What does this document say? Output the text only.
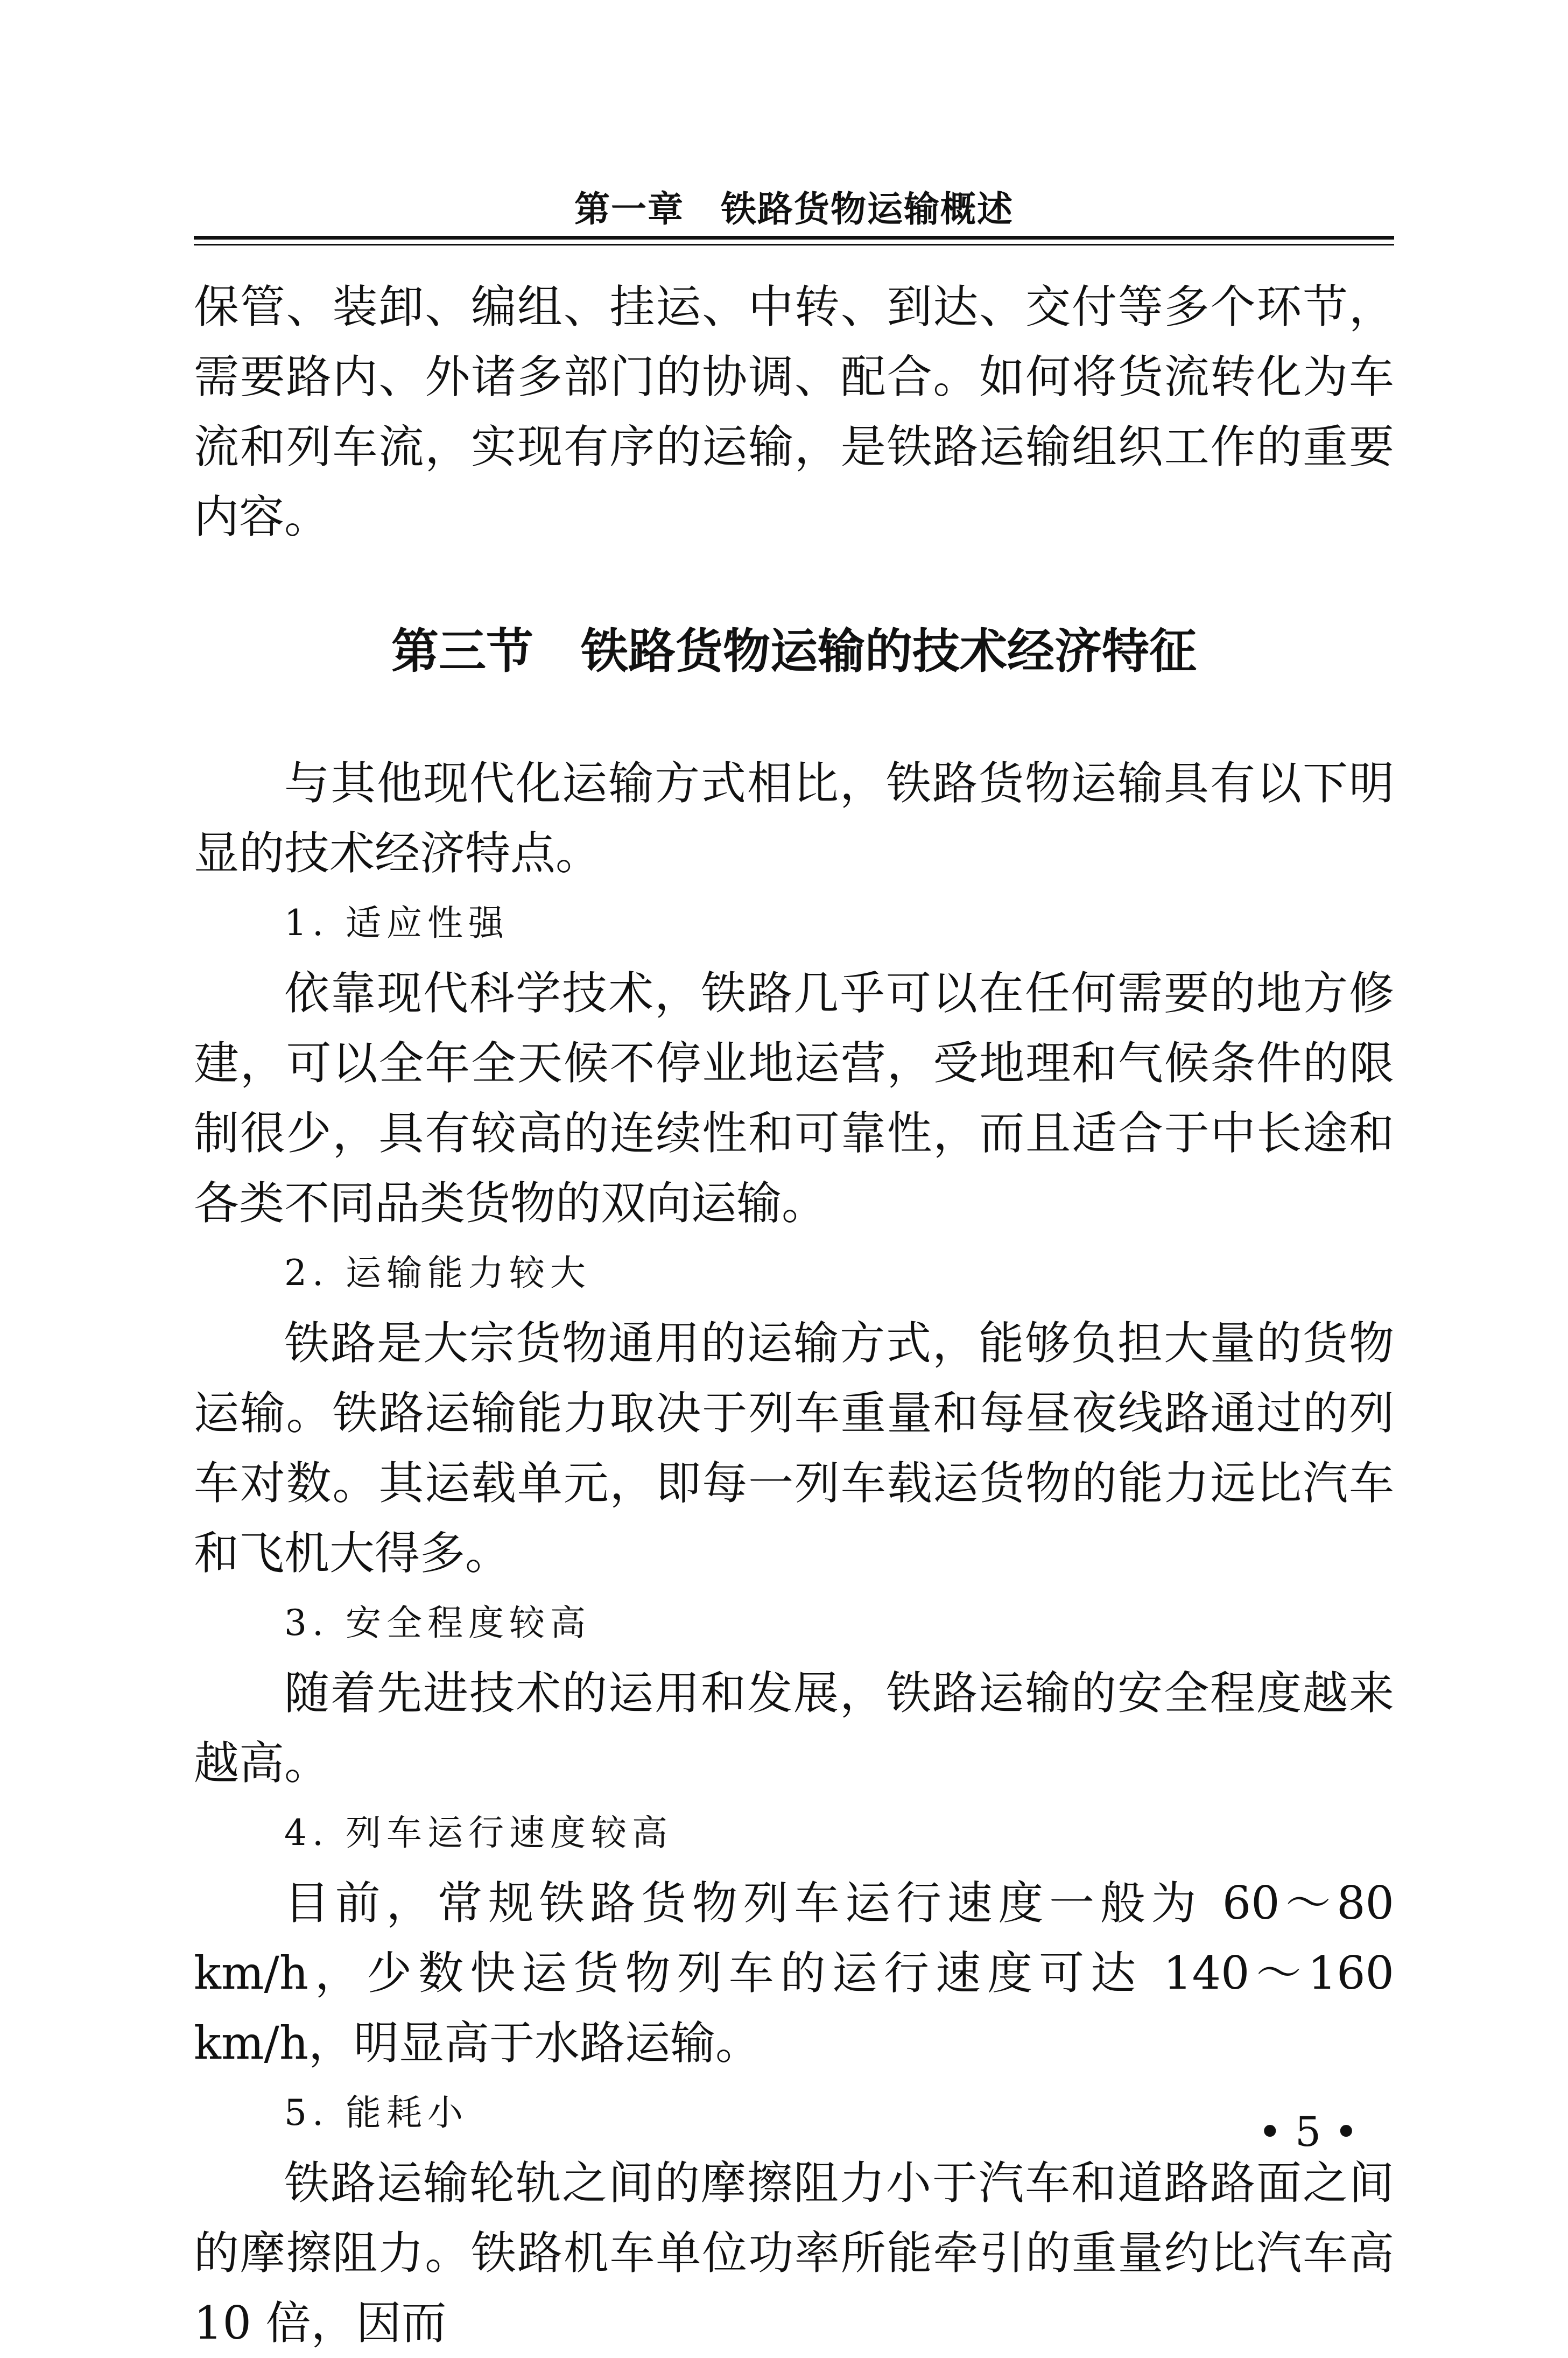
第一章　铁路货物运输概述

保管、装卸、编组、挂运、中转、到达、交付等多个环节，需要路内、外诸多部门的协调、配合。如何将货流转化为车流和列车流，实现有序的运输，是铁路运输组织工作的重要内容。

第三节　铁路货物运输的技术经济特征

与其他现代化运输方式相比，铁路货物运输具有以下明显的技术经济特点。

1. 适应性强

依靠现代科学技术，铁路几乎可以在任何需要的地方修建，可以全年全天候不停业地运营，受地理和气候条件的限制很少，具有较高的连续性和可靠性，而且适合于中长途和各类不同品类货物的双向运输。

2. 运输能力较大

铁路是大宗货物通用的运输方式，能够负担大量的货物运输。铁路运输能力取决于列车重量和每昼夜线路通过的列车对数。其运载单元，即每一列车载运货物的能力远比汽车和飞机大得多。

3. 安全程度较高

随着先进技术的运用和发展，铁路运输的安全程度越来越高。

4. 列车运行速度较高

目前，常规铁路货物列车运行速度一般为 60～80 km/h，少数快运货物列车的运行速度可达 140～160 km/h，明显高于水路运输。

5. 能耗小

铁路运输轮轨之间的摩擦阻力小于汽车和道路路面之间的摩擦阻力。铁路机车单位功率所能牵引的重量约比汽车高 10 倍，因而

• 5 •
